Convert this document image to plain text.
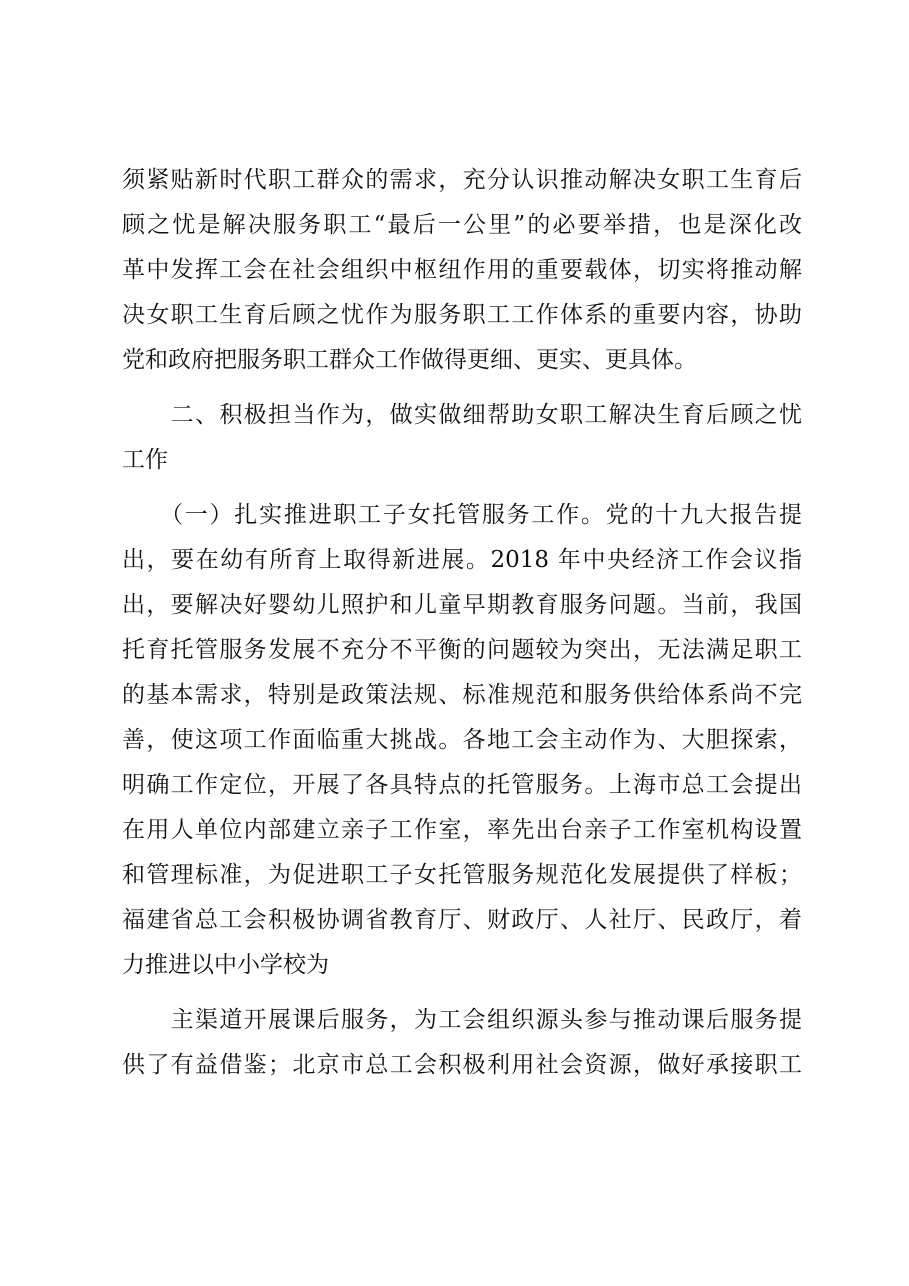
须紧贴新时代职工群众的需求，充分认识推动解决女职工生育后
顾之忧是解决服务职工“最后一公里”的必要举措，也是深化改
革中发挥工会在社会组织中枢纽作用的重要载体，切实将推动解
决女职工生育后顾之忧作为服务职工工作体系的重要内容，协助
党和政府把服务职工群众工作做得更细、更实、更具体。
　　二、积极担当作为，做实做细帮助女职工解决生育后顾之忧
工作
　　（一）扎实推进职工子女托管服务工作。党的十九大报告提
出，要在幼有所育上取得新进展。2018 年中央经济工作会议指
出，要解决好婴幼儿照护和儿童早期教育服务问题。当前，我国
托育托管服务发展不充分不平衡的问题较为突出，无法满足职工
的基本需求，特别是政策法规、标准规范和服务供给体系尚不完
善，使这项工作面临重大挑战。各地工会主动作为、大胆探索，
明确工作定位，开展了各具特点的托管服务。上海市总工会提出
在用人单位内部建立亲子工作室，率先出台亲子工作室机构设置
和管理标准，为促进职工子女托管服务规范化发展提供了样板；
福建省总工会积极协调省教育厅、财政厅、人社厅、民政厅，着
力推进以中小学校为
　　主渠道开展课后服务，为工会组织源头参与推动课后服务提
供了有益借鉴；北京市总工会积极利用社会资源，做好承接职工
